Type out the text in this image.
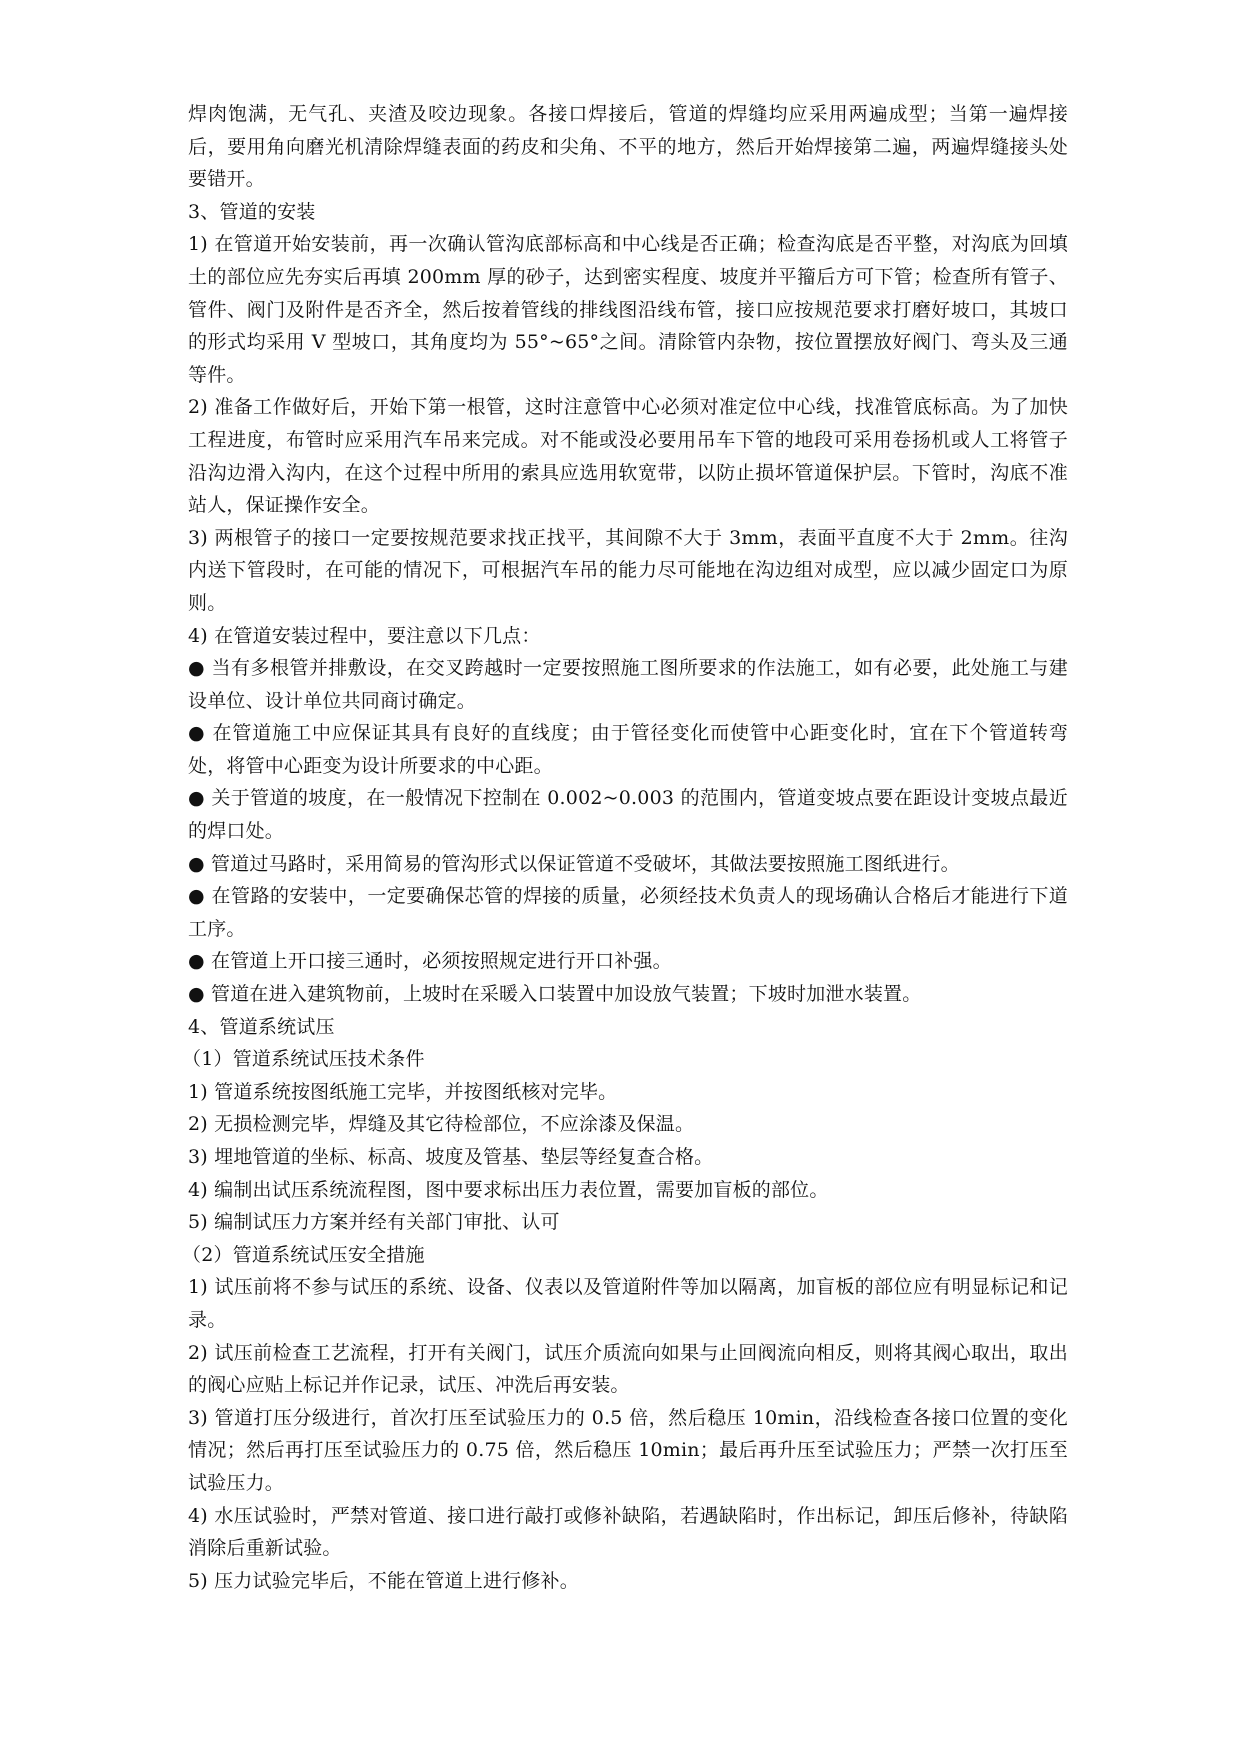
焊肉饱满，无气孔、夹渣及咬边现象。各接口焊接后，管道的焊缝均应采用两遍成型；当第一遍焊接后，要用角向磨光机清除焊缝表面的药皮和尖角、不平的地方，然后开始焊接第二遍，两遍焊缝接头处要错开。

3、管道的安装

1) 在管道开始安装前，再一次确认管沟底部标高和中心线是否正确；检查沟底是否平整，对沟底为回填土的部位应先夯实后再填 200mm 厚的砂子，达到密实程度、坡度并平籀后方可下管；检查所有管子、管件、阀门及附件是否齐全，然后按着管线的排线图沿线布管，接口应按规范要求打磨好坡口，其坡口的形式均采用 V 型坡口，其角度均为 55°~65°之间。清除管内杂物，按位置摆放好阀门、弯头及三通等件。

2) 准备工作做好后，开始下第一根管，这时注意管中心必须对准定位中心线，找准管底标高。为了加快工程进度，布管时应采用汽车吊来完成。对不能或没必要用吊车下管的地段可采用卷扬机或人工将管子沿沟边滑入沟内，在这个过程中所用的索具应选用软宽带，以防止损坏管道保护层。下管时，沟底不准站人，保证操作安全。

3) 两根管子的接口一定要按规范要求找正找平，其间隙不大于 3mm，表面平直度不大于 2mm。往沟内送下管段时，在可能的情况下，可根据汽车吊的能力尽可能地在沟边组对成型，应以减少固定口为原则。

4) 在管道安装过程中，要注意以下几点：

● 当有多根管并排敷设，在交叉跨越时一定要按照施工图所要求的作法施工，如有必要，此处施工与建设单位、设计单位共同商讨确定。

● 在管道施工中应保证其具有良好的直线度；由于管径变化而使管中心距变化时，宜在下个管道转弯处，将管中心距变为设计所要求的中心距。

● 关于管道的坡度，在一般情况下控制在 0.002~0.003 的范围内，管道变坡点要在距设计变坡点最近的焊口处。

● 管道过马路时，采用简易的管沟形式以保证管道不受破坏，其做法要按照施工图纸进行。

● 在管路的安装中，一定要确保芯管的焊接的质量，必须经技术负责人的现场确认合格后才能进行下道工序。

● 在管道上开口接三通时，必须按照规定进行开口补强。

● 管道在进入建筑物前，上坡时在采暖入口装置中加设放气装置；下坡时加泄水装置。

4、管道系统试压

（1）管道系统试压技术条件

1) 管道系统按图纸施工完毕，并按图纸核对完毕。

2) 无损检测完毕，焊缝及其它待检部位，不应涂漆及保温。

3) 埋地管道的坐标、标高、坡度及管基、垫层等经复查合格。

4) 编制出试压系统流程图，图中要求标出压力表位置，需要加盲板的部位。

5) 编制试压力方案并经有关部门审批、认可

（2）管道系统试压安全措施

1) 试压前将不参与试压的系统、设备、仪表以及管道附件等加以隔离，加盲板的部位应有明显标记和记录。

2) 试压前检查工艺流程，打开有关阀门，试压介质流向如果与止回阀流向相反，则将其阀心取出，取出的阀心应贴上标记并作记录，试压、冲洗后再安装。

3) 管道打压分级进行，首次打压至试验压力的 0.5 倍，然后稳压 10min，沿线检查各接口位置的变化情况；然后再打压至试验压力的 0.75 倍，然后稳压 10min；最后再升压至试验压力；严禁一次打压至试验压力。

4) 水压试验时，严禁对管道、接口进行敲打或修补缺陷，若遇缺陷时，作出标记，卸压后修补，待缺陷消除后重新试验。

5) 压力试验完毕后，不能在管道上进行修补。
